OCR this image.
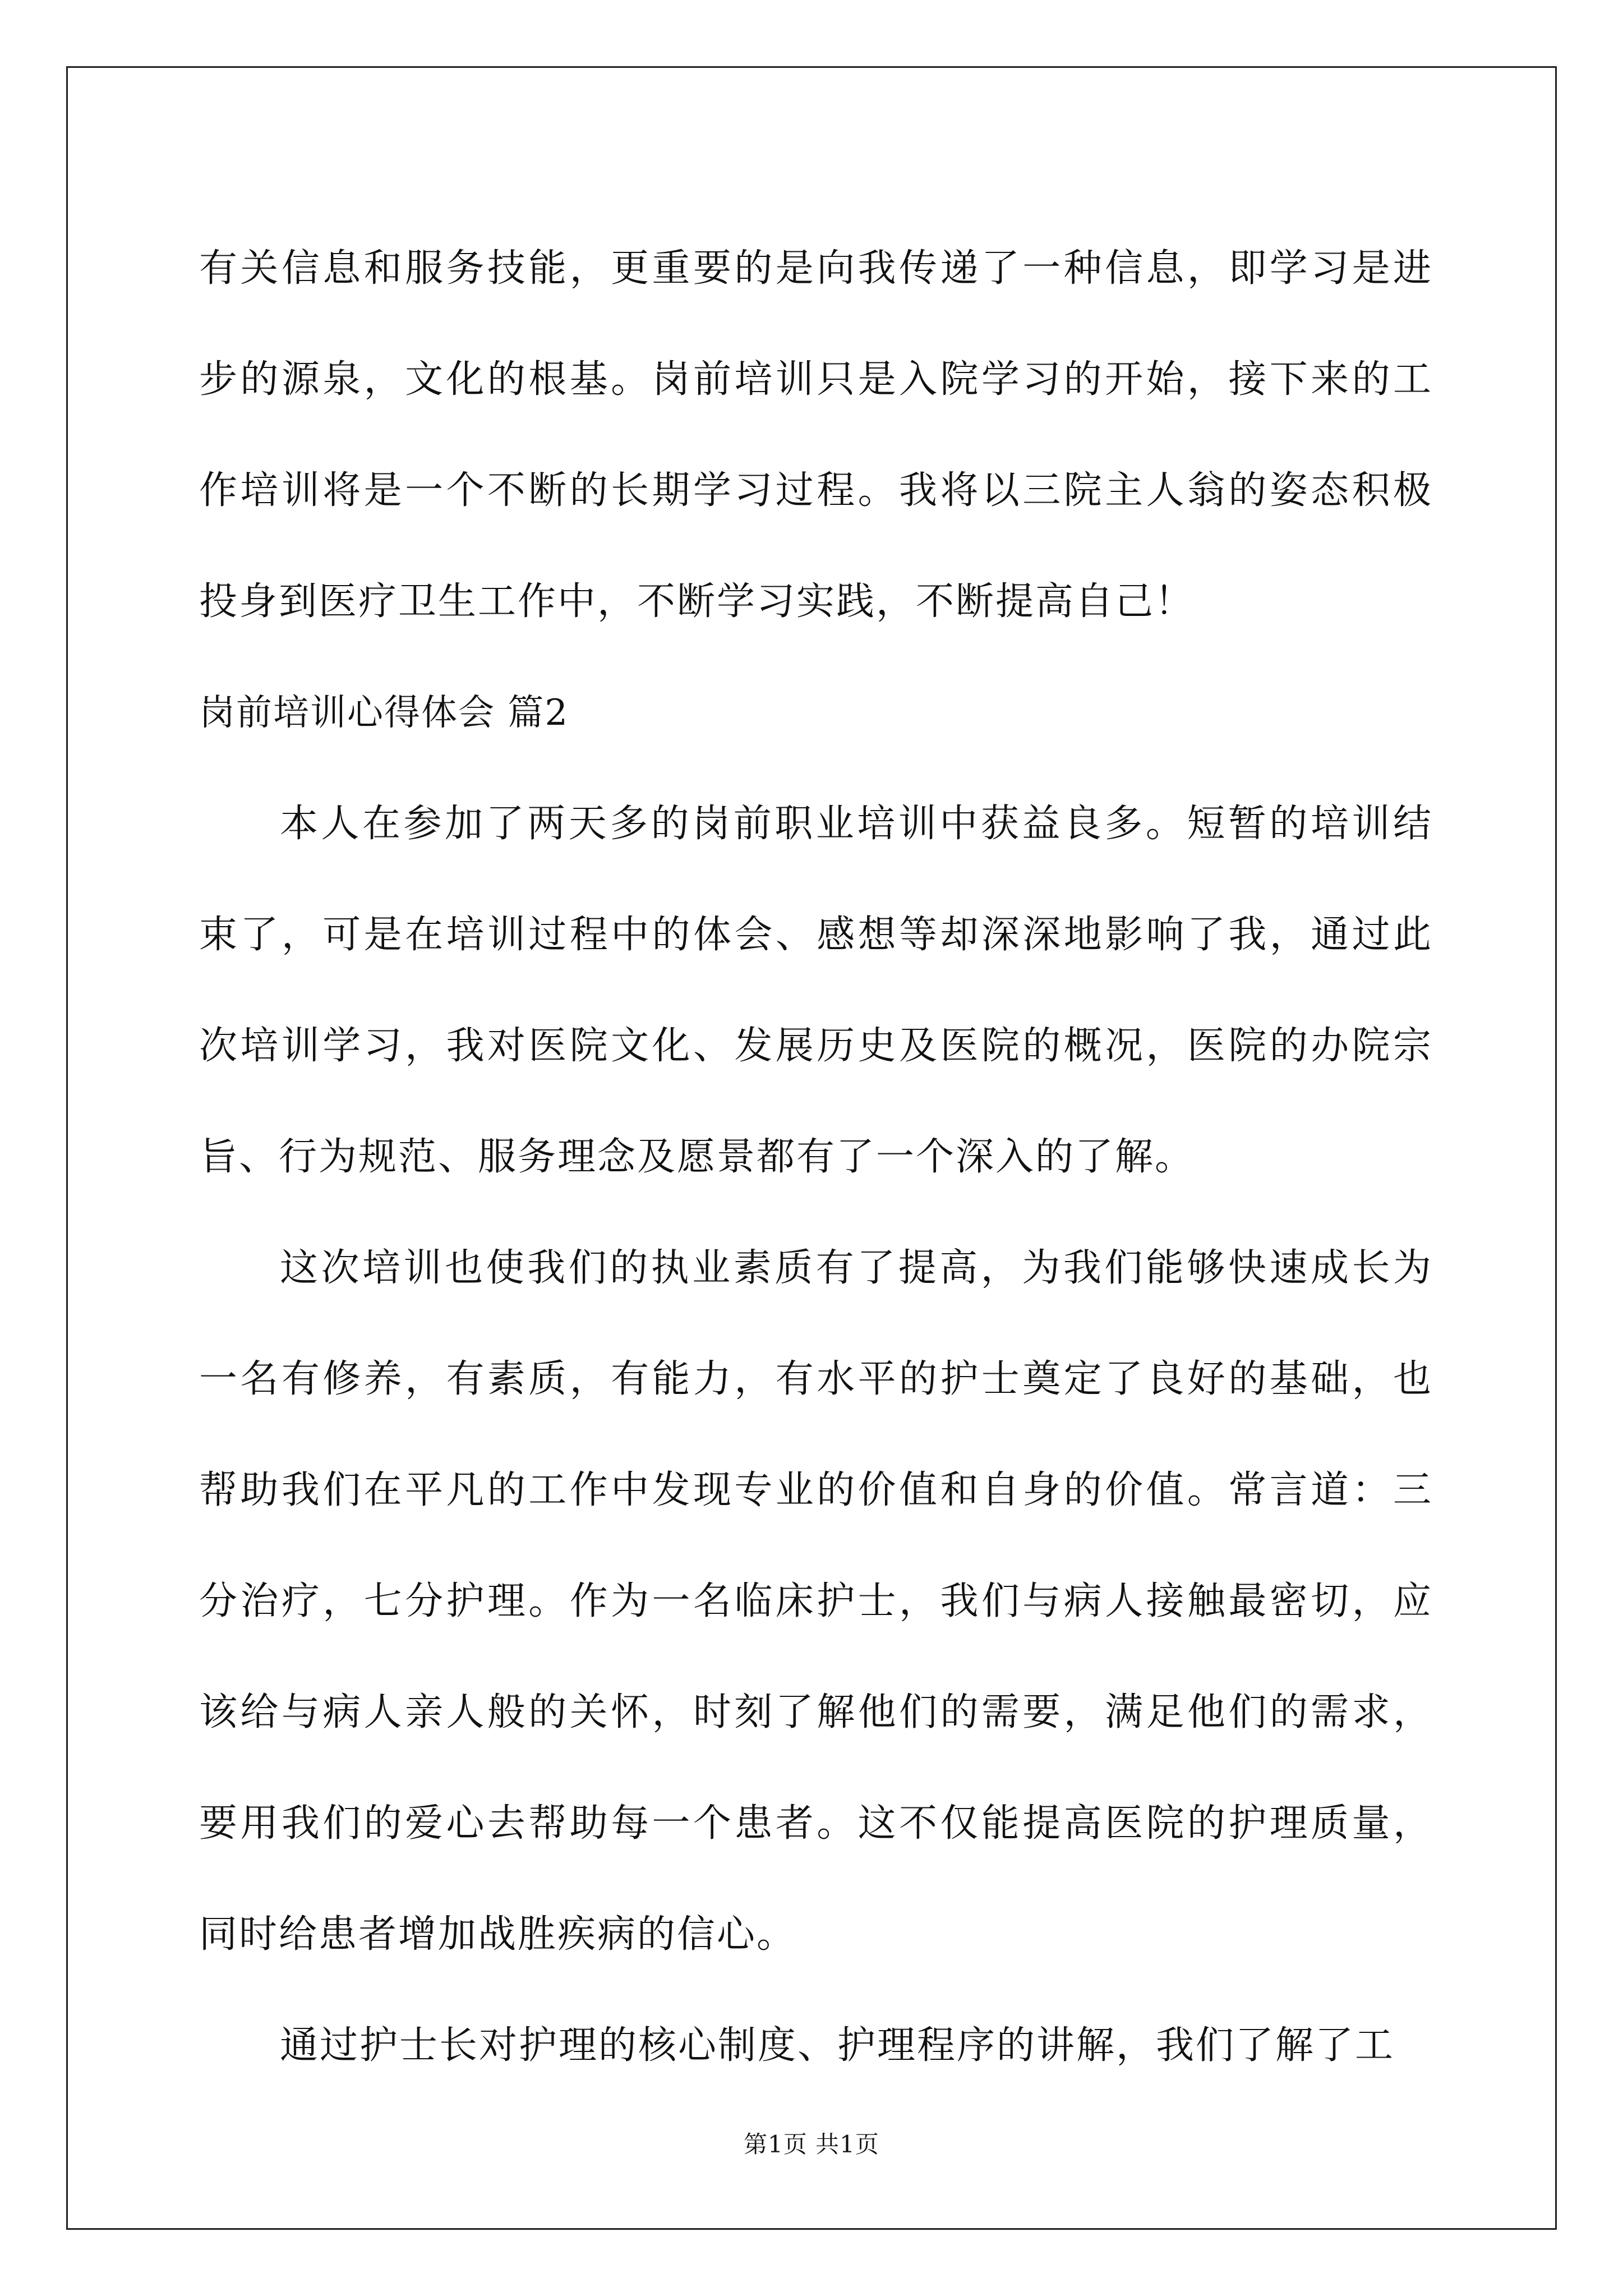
有关信息和服务技能，更重要的是向我传递了一种信息，即学习是进步的源泉，文化的根基。岗前培训只是入院学习的开始，接下来的工作培训将是一个不断的长期学习过程。我将以三院主人翁的姿态积极投身到医疗卫生工作中，不断学习实践，不断提高自己！

岗前培训心得体会 篇2

本人在参加了两天多的岗前职业培训中获益良多。短暂的培训结束了，可是在培训过程中的体会、感想等却深深地影响了我，通过此次培训学习，我对医院文化、发展历史及医院的概况，医院的办院宗旨、行为规范、服务理念及愿景都有了一个深入的了解。

这次培训也使我们的执业素质有了提高，为我们能够快速成长为一名有修养，有素质，有能力，有水平的护士奠定了良好的基础，也帮助我们在平凡的工作中发现专业的价值和自身的价值。常言道：三分治疗，七分护理。作为一名临床护士，我们与病人接触最密切，应该给与病人亲人般的关怀，时刻了解他们的需要，满足他们的需求，要用我们的爱心去帮助每一个患者。这不仅能提高医院的护理质量，同时给患者增加战胜疾病的信心。

通过护士长对护理的核心制度、护理程序的讲解，我们了解了工

第1页 共1页
